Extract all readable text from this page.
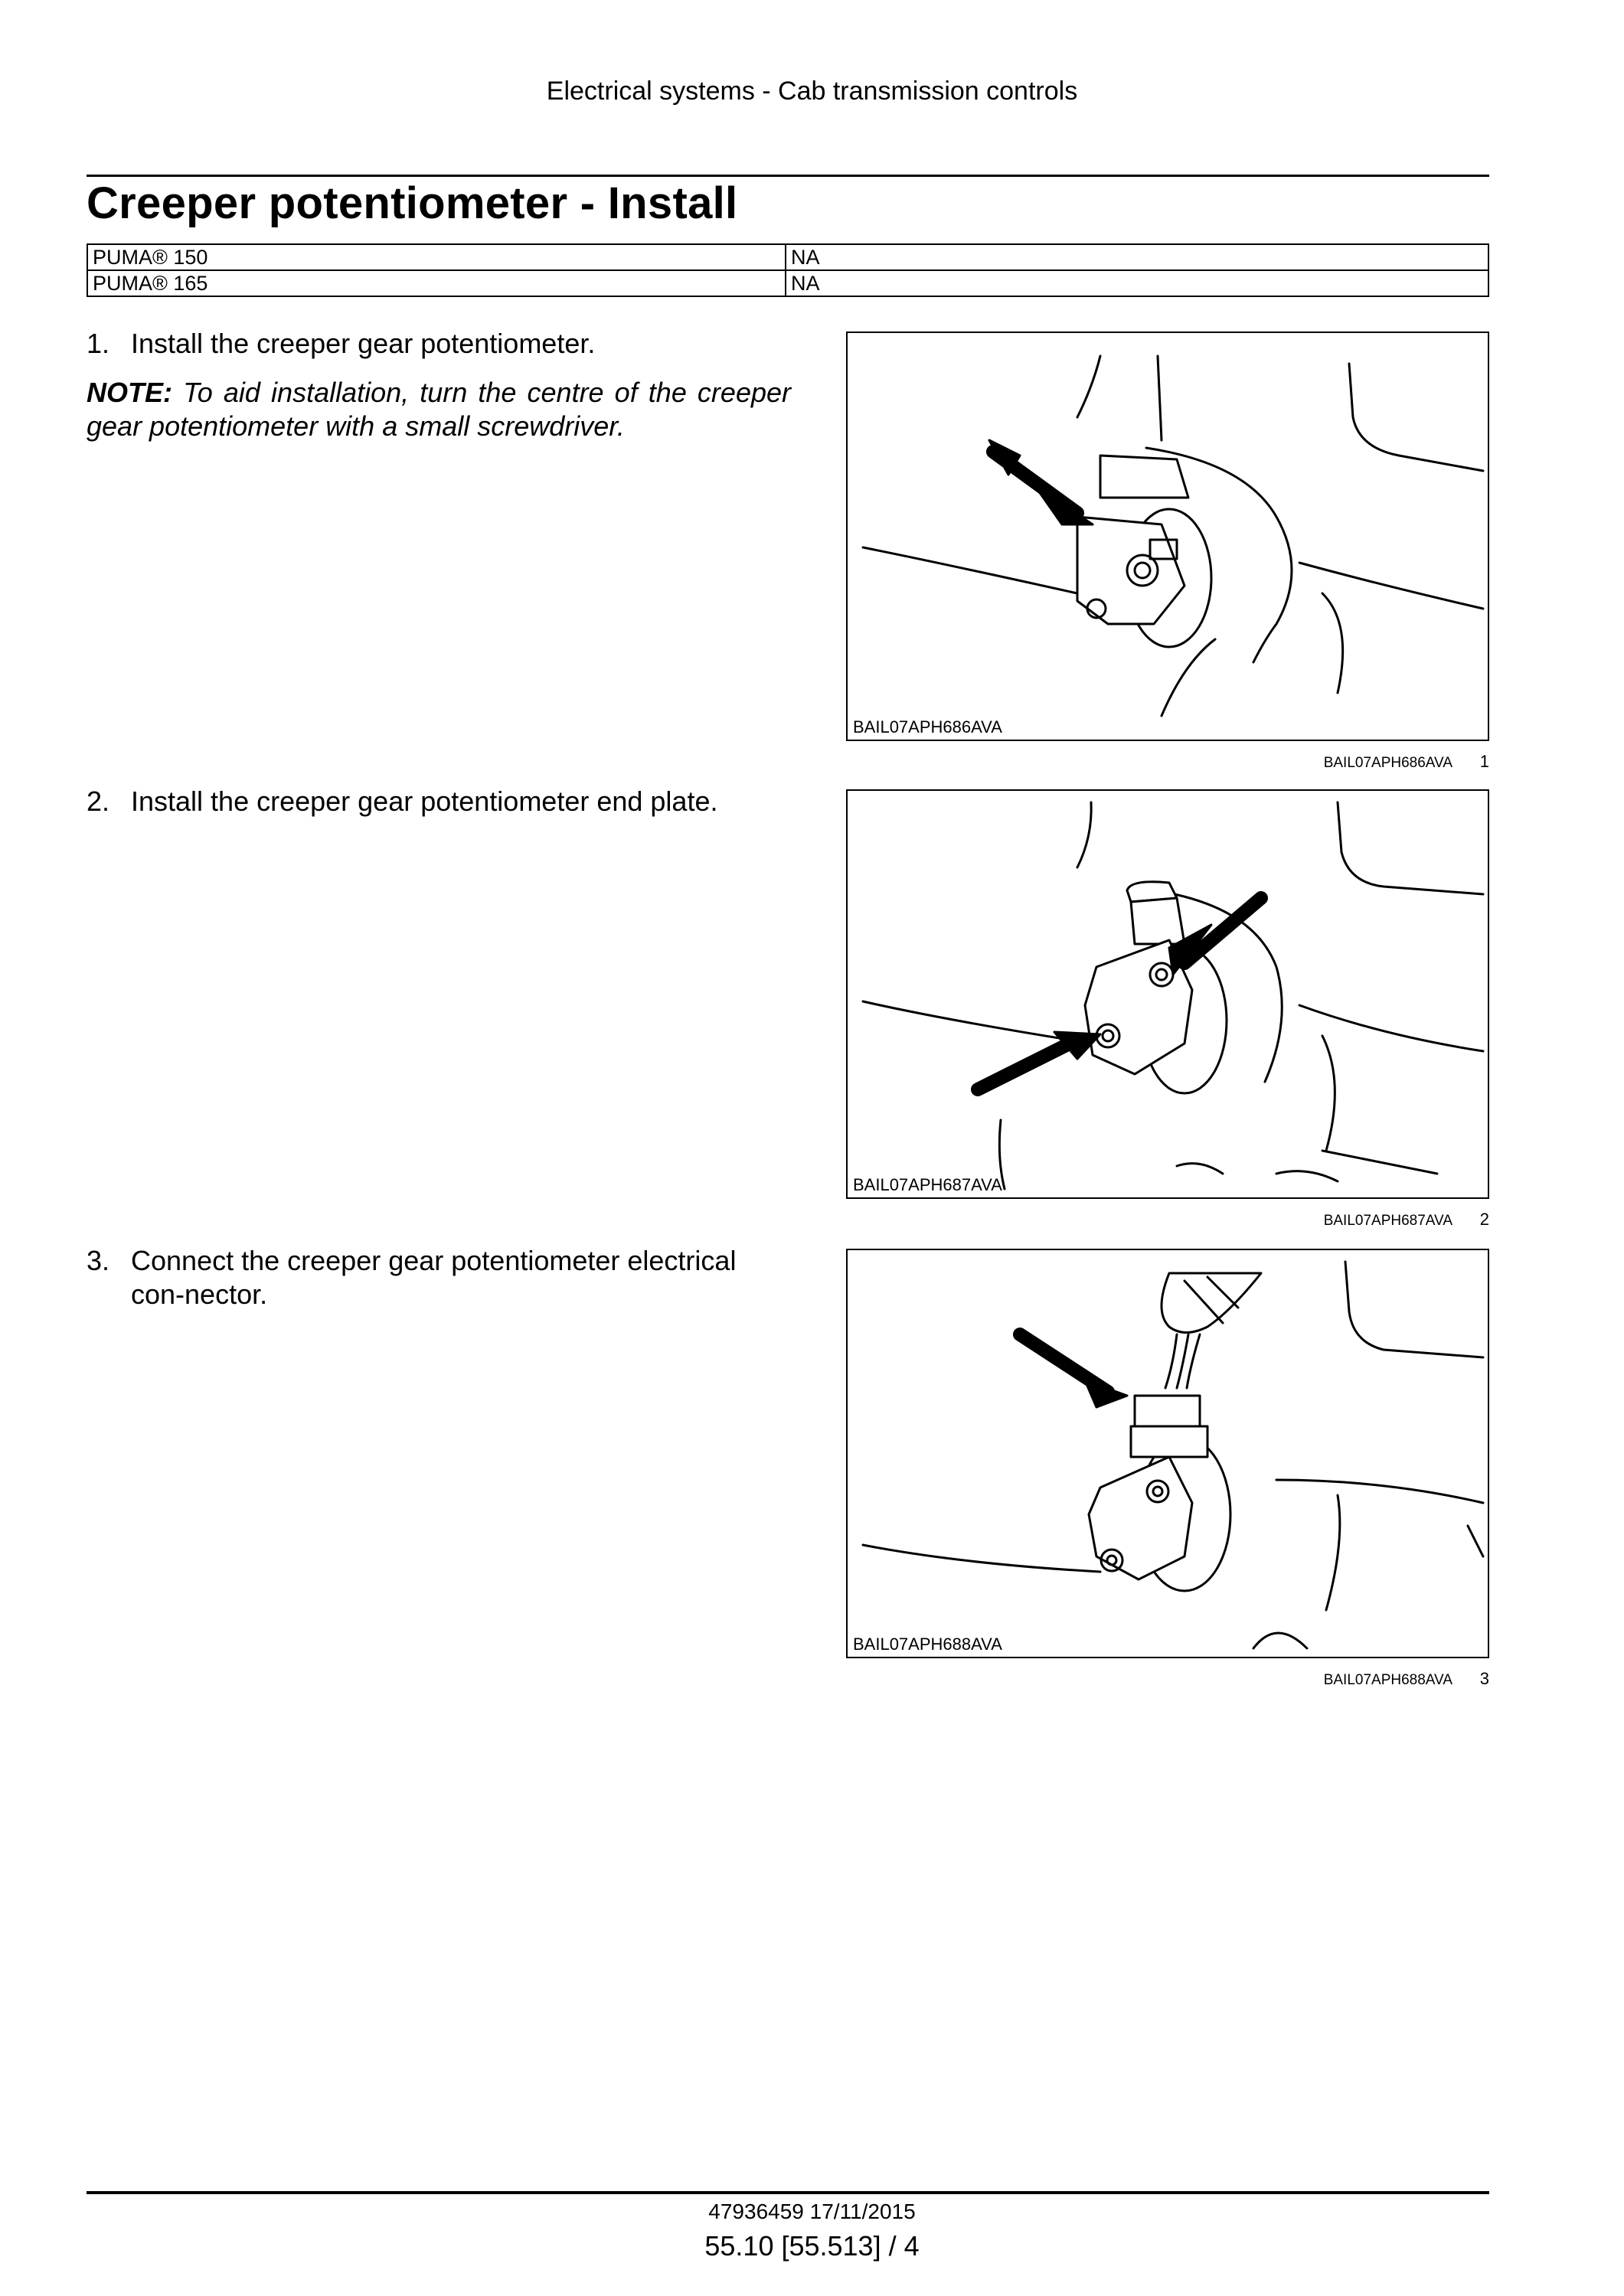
Electrical systems - Cab transmission controls
Creeper potentiometer - Install
PUMA® 150	NA
PUMA® 165	NA
1. Install the creeper gear potentiometer.
NOTE: To aid installation, turn the centre of the creeper gear potentiometer with a small screwdriver.
2. Install the creeper gear potentiometer end plate.
3. Connect the creeper gear potentiometer electrical con-nector.
BAIL07APH686AVA
BAIL07APH686AVA 1
BAIL07APH687AVA
BAIL07APH687AVA 2
BAIL07APH688AVA
BAIL07APH688AVA 3
47936459 17/11/2015
55.10 [55.513] / 4
